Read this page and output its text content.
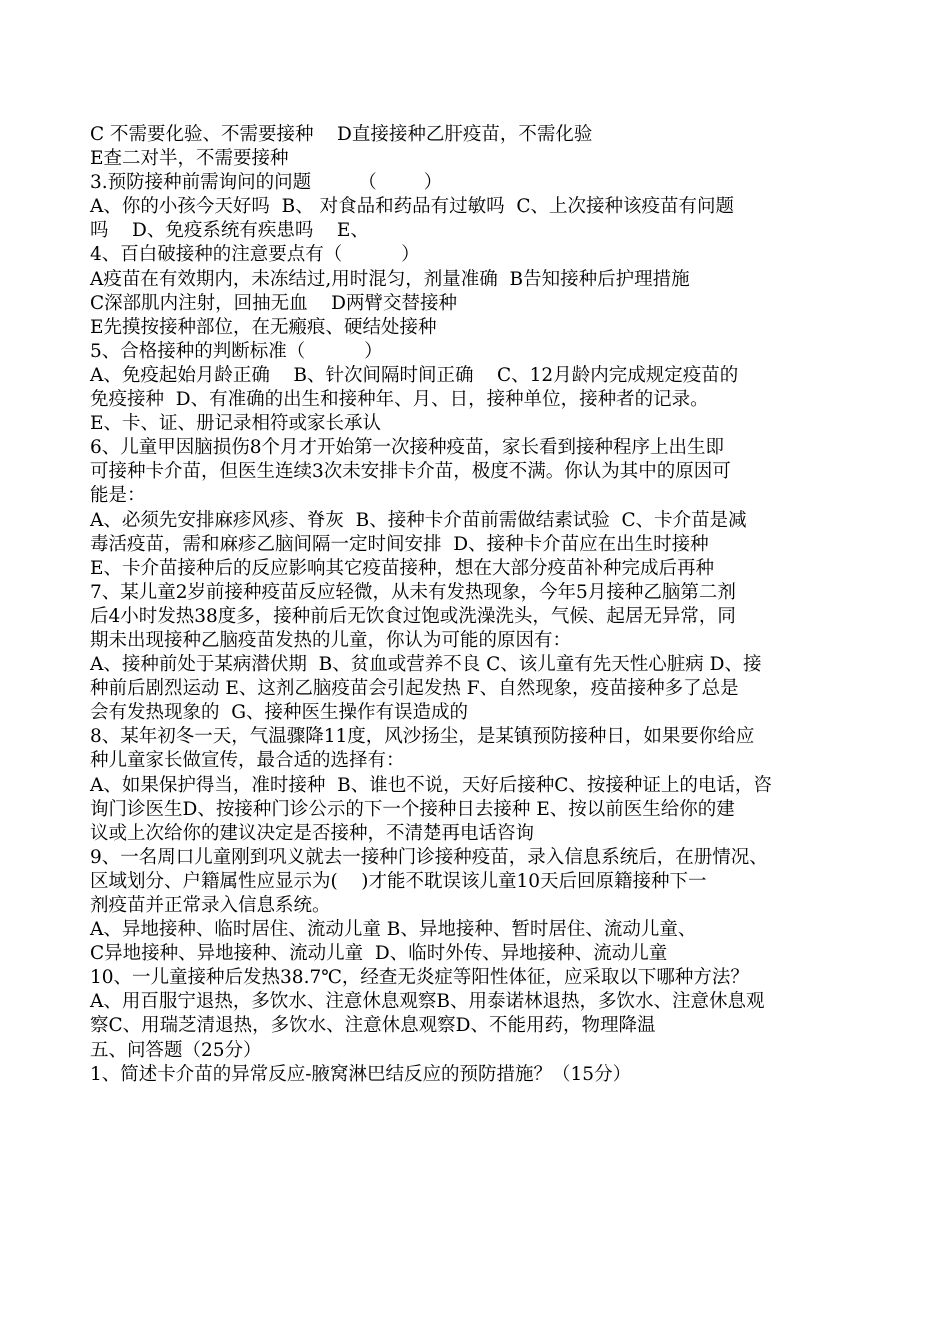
C 不需要化验、不需要接种    D直接接种乙肝疫苗，不需化验
E查二对半，不需要接种
3.预防接种前需询问的问题        （        ）
A、你的小孩今天好吗  B、 对食品和药品有过敏吗  C、上次接种该疫苗有问题
吗    D、免疫系统有疾患吗    E、
4、百白破接种的注意要点有（          ）
A疫苗在有效期内，未冻结过,用时混匀，剂量准确  B告知接种后护理措施
C深部肌内注射，回抽无血    D两臂交替接种
E先摸按接种部位，在无瘢痕、硬结处接种
5、合格接种的判断标准（          ）
A、免疫起始月龄正确    B、针次间隔时间正确    C、12月龄内完成规定疫苗的
免疫接种  D、有准确的出生和接种年、月、日，接种单位，接种者的记录。
E、卡、证、册记录相符或家长承认
6、儿童甲因脑损伤8个月才开始第一次接种疫苗，家长看到接种程序上出生即
可接种卡介苗，但医生连续3次未安排卡介苗，极度不满。你认为其中的原因可
能是：
A、必须先安排麻疹风疹、脊灰  B、接种卡介苗前需做结素试验  C、卡介苗是减
毒活疫苗，需和麻疹乙脑间隔一定时间安排  D、接种卡介苗应在出生时接种
E、卡介苗接种后的反应影响其它疫苗接种，想在大部分疫苗补种完成后再种
7、某儿童2岁前接种疫苗反应轻微，从未有发热现象，今年5月接种乙脑第二剂
后4小时发热38度多，接种前后无饮食过饱或洗澡洗头，气候、起居无异常，同
期未出现接种乙脑疫苗发热的儿童，你认为可能的原因有：
A、接种前处于某病潜伏期  B、贫血或营养不良 C、该儿童有先天性心脏病 D、接
种前后剧烈运动 E、这剂乙脑疫苗会引起发热 F、自然现象，疫苗接种多了总是
会有发热现象的  G、接种医生操作有误造成的
8、某年初冬一天，气温骤降11度，风沙扬尘，是某镇预防接种日，如果要你给应
种儿童家长做宣传，最合适的选择有：
A、如果保护得当，准时接种  B、谁也不说，天好后接种C、按接种证上的电话，咨
询门诊医生D、按接种门诊公示的下一个接种日去接种 E、按以前医生给你的建
议或上次给你的建议决定是否接种，不清楚再电话咨询
9、一名周口儿童刚到巩义就去一接种门诊接种疫苗，录入信息系统后，在册情况、
区域划分、户籍属性应显示为(    )才能不耽误该儿童10天后回原籍接种下一
剂疫苗并正常录入信息系统。
A、异地接种、临时居住、流动儿童 B、异地接种、暂时居住、流动儿童、
C异地接种、异地接种、流动儿童  D、临时外传、异地接种、流动儿童
10、一儿童接种后发热38.7℃，经查无炎症等阳性体征，应采取以下哪种方法？
A、用百服宁退热，多饮水、注意休息观察B、用泰诺林退热，多饮水、注意休息观
察C、用瑞芝清退热，多饮水、注意休息观察D、不能用药，物理降温
五、问答题（25分）
1、简述卡介苗的异常反应-腋窝淋巴结反应的预防措施？（15分）
